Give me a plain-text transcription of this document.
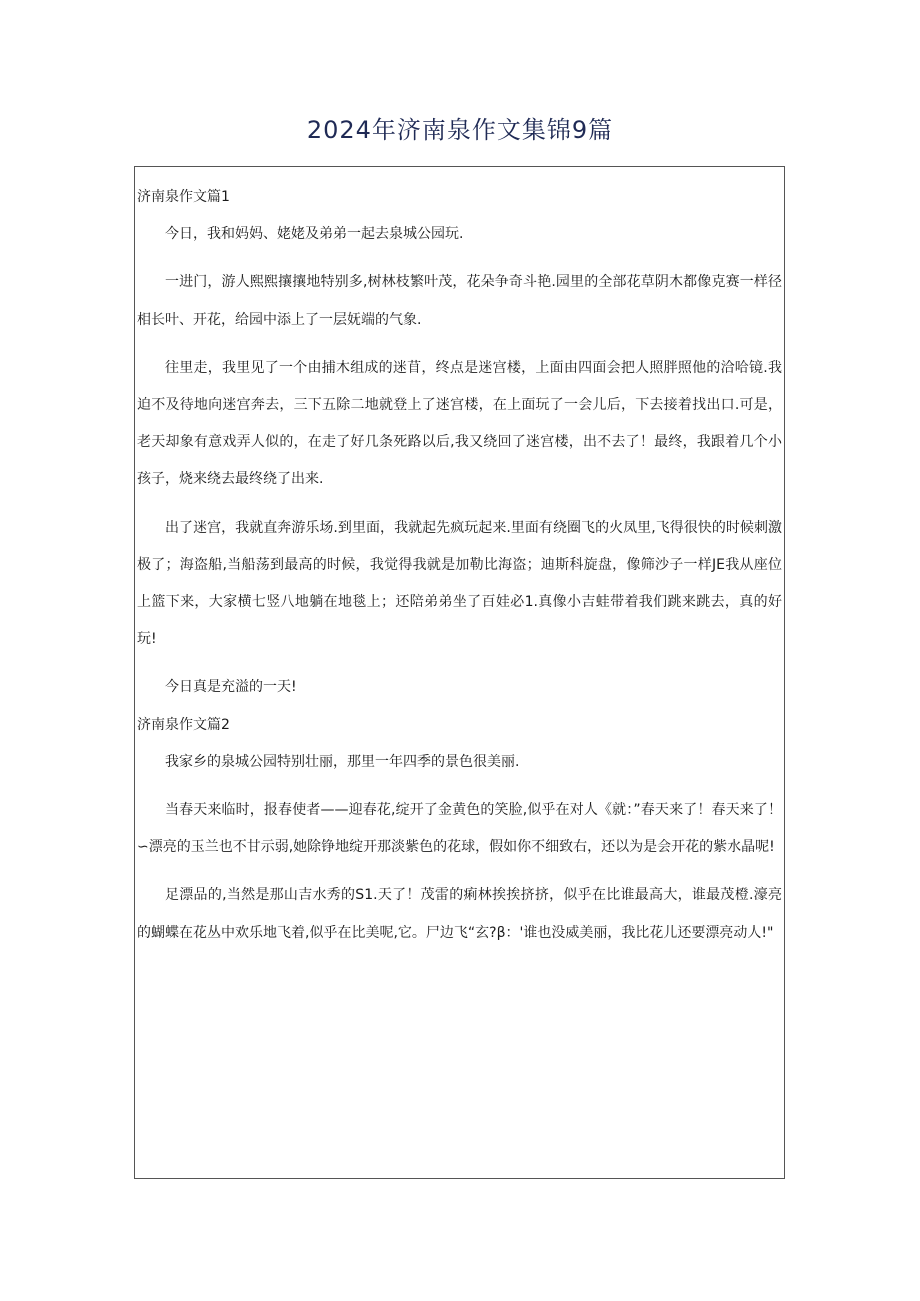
2024年济南泉作文集锦9篇
济南泉作文篇1

今日，我和妈妈、姥姥及弟弟一起去泉城公园玩.

一进门，游人熙熙攘攘地特别多,树林枝繁叶茂，花朵争奇斗艳.园里的全部花草阴木都像克赛一样径相长叶、开花，给园中添上了一层妩端的气象.

往里走，我里见了一个由捕木组成的迷苜，终点是迷宫楼，上面由四面会把人照胖照他的洽哈镜.我迫不及待地向迷宫奔去，三下五除二地就登上了迷宫楼，在上面玩了一会儿后，下去接着找出口.可是，老天却象有意戏弄人似的，在走了好几条死路以后,我又绕回了迷宫楼，出不去了！最终，我跟着几个小孩子，烧来绕去最终绕了出来.

出了迷宫，我就直奔游乐场.到里面，我就起先疯玩起来.里面有绕圈飞的火凤里,飞得很快的时候刺激极了；海盗船,当船荡到最高的时候，我觉得我就是加勒比海盗；迪斯科旋盘，像筛沙子一样JE我从座位上篮下来，大家横七竖八地躺在地毯上；还陪弟弟坐了百娃必1.真像小吉蛙带着我们跳来跳去，真的好玩!

今日真是充溢的一天!

济南泉作文篇2

我家乡的泉城公园特别壮丽，那里一年四季的景色很美丽.

当春天来临时，报春使者——迎春花,绽开了金黄色的笑脸,似乎在对人《就：”春天来了！春天来了！∽漂亮的玉兰也不甘示弱,她除铮地绽开那淡紫色的花球，假如你不细致右，还以为是会开花的紫水晶呢!

足漂品的,当然是那山吉水秀的S1.天了！茂雷的痢林挨挨挤挤，似乎在比谁最高大，谁最茂橙.濠亮的蝴蝶在花丛中欢乐地飞着,似乎在比美呢,它。尸边飞“玄?β：'谁也没威美丽，我比花儿还要漂亮动人!"
